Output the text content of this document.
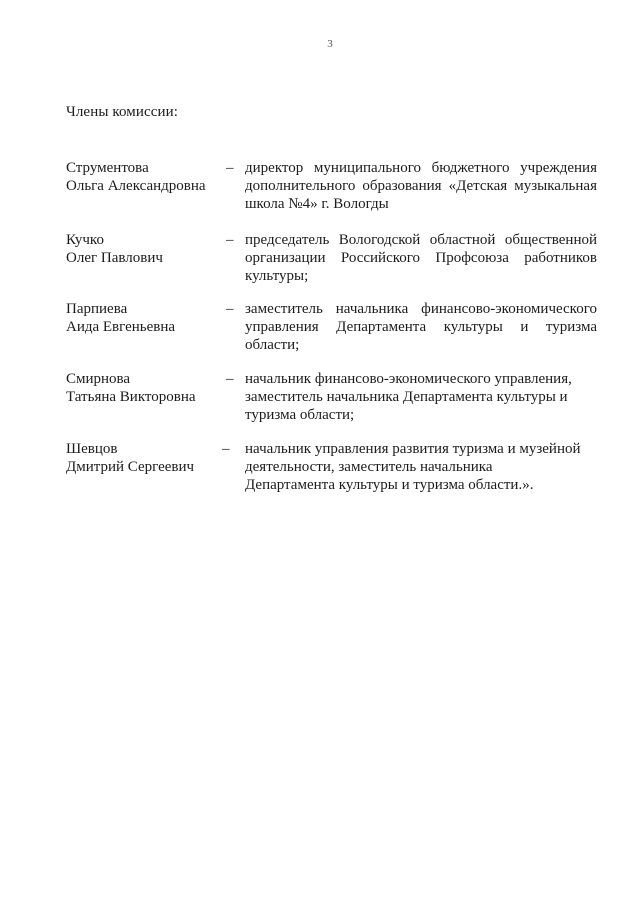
3
Члены комиссии:
Струментова
Ольга Александровна
– директор муниципального бюджетного учреждения дополнительного образования «Детская музыкальная школа №4» г. Вологды
Кучко
Олег Павлович
– председатель Вологодской областной общественной организации Российского Профсоюза работников культуры;
Парпиева
Аида Евгеньевна
– заместитель начальника финансово-экономического управления Департамента культуры и туризма области;
Смирнова
Татьяна Викторовна
– начальник финансово-экономического управления, заместитель начальника Департамента культуры и туризма области;
Шевцов
Дмитрий Сергеевич
– начальник управления развития туризма и музейной деятельности, заместитель начальника Департамента культуры и туризма области.».
